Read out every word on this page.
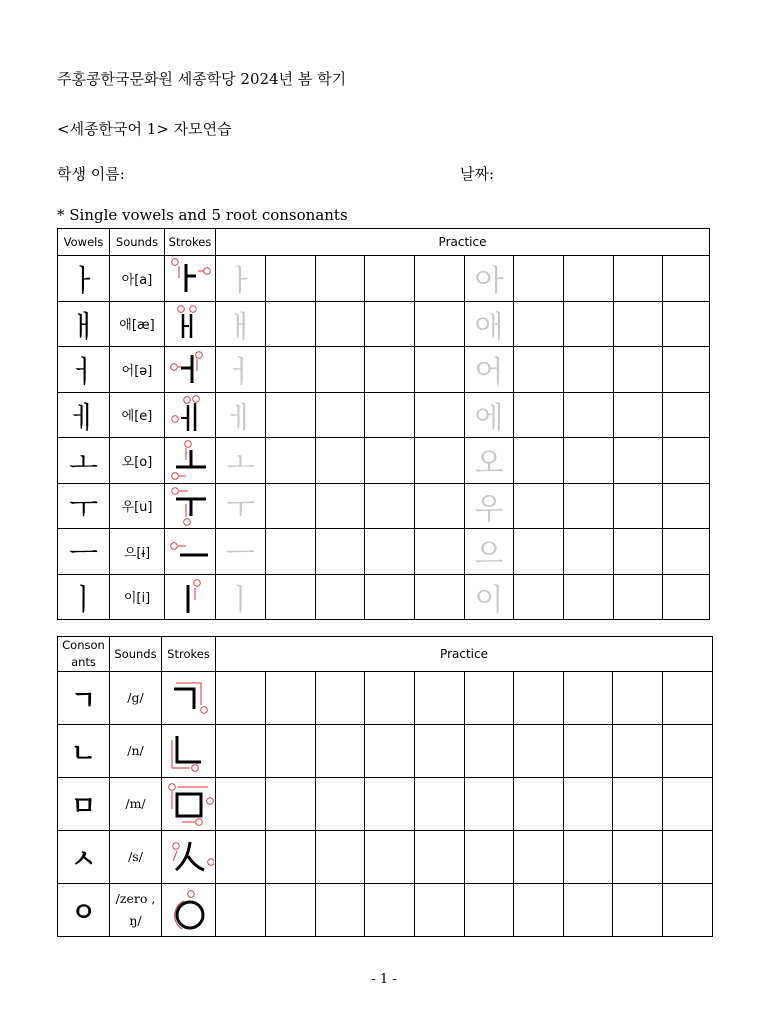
주홍콩한국문화원 세종학당 2024년 봄 학기
<세종한국어 1> 자모연습
학생 이름:	날짜:
* Single vowels and 5 root consonants
Vowels	Sounds	Strokes	Practice									
ㅏ	아[a]		ㅏ					아				
ㅐ	애[æ]		ㅐ					애				
ㅓ	어[ə]		ㅓ					어				
ㅔ	에[e]		ㅔ					에				
ㅗ	오[o]		ㅗ					오				
ㅜ	우[u]		ㅜ					우				
ㅡ	으[ɨ]		ㅡ					으				
ㅣ	이[i]		ㅣ					이				
Conson ants	Sounds	Strokes	Practice									
ㄱ	/g/	

ㄴ	/n/	

ㅁ	/m/	

ㅅ	/s/	

ㅇ	/zero , ŋ/	

- 1 -
